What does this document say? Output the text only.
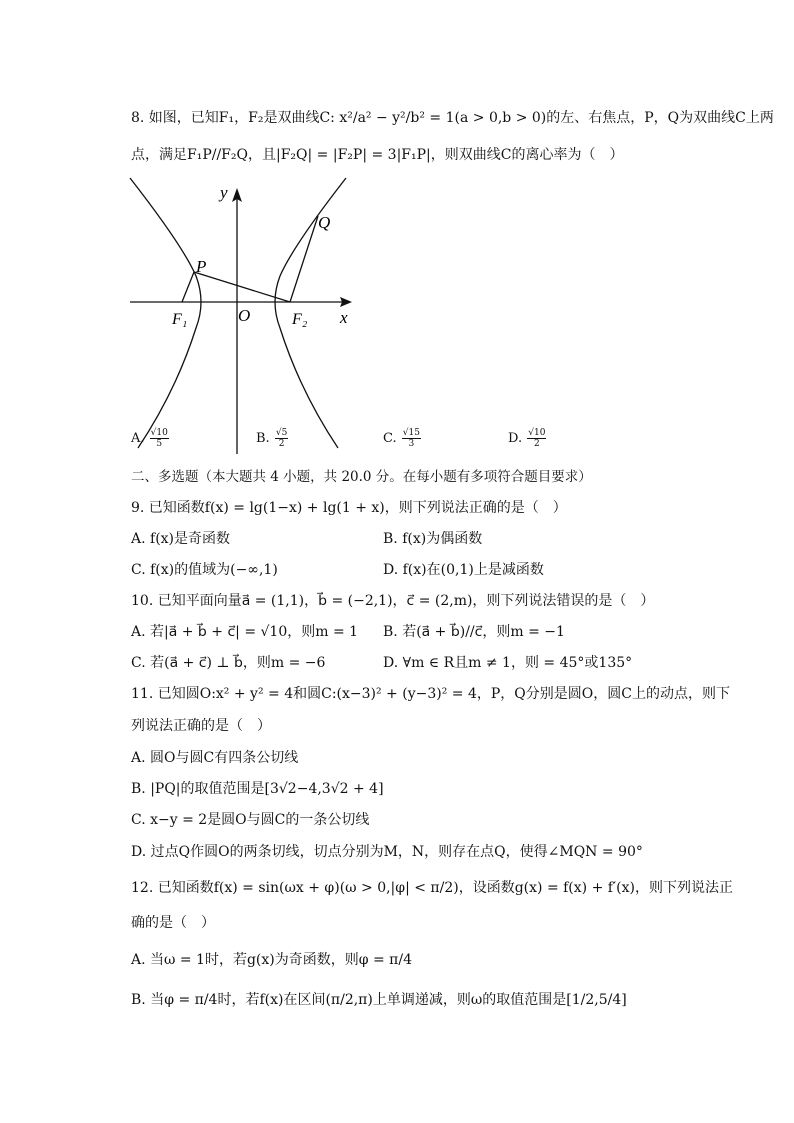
8. 如图，已知F₁，F₂是双曲线C: x²/a² − y²/b² = 1(a > 0,b > 0)的左、右焦点，P，Q为双曲线C上两
点，满足F₁P//F₂Q，且|F₂Q| = |F₂P| = 3|F₁P|，则双曲线C的离心率为（　）
y
x
O
P
Q
F₁	F₂
A. √ $\frac{10}{5}$	B. √ $\frac{5}{2}$	C. √ $\frac{15}{3}$	D. √ $\frac{10}{2}$
二、多选题（本大题共 4 小题，共 20.0 分。在每小题有多项符合题目要求）
9. 已知函数f(x) = lg(1−x) + lg(1 + x)，则下列说法正确的是（　）
A. f(x)是奇函数	B. f(x)为偶函数
C. f(x)的值域为(−∞,1)	D. f(x)在(0,1)上是减函数
10. 已知平面向量a⃗ = (1,1)，b⃗ = (−2,1)，c⃗ = (2,m)，则下列说法错误的是（　）
A. 若|a⃗ + b⃗ + c⃗| = √10，则m = 1 B. 若(a⃗ + b⃗)//c⃗，则m = −1
C. 若(a⃗ + c⃗) ⊥ b⃗，则m = −6	D. ∀m ∈ R且m ≠ 1，则 = 45°或135°
11. 已知圆O:x² + y² = 4和圆C:(x−3)² + (y−3)² = 4，P，Q分别是圆O，圆C上的动点，则下
列说法正确的是（　）
A. 圆O与圆C有四条公切线
B. |PQ|的取值范围是[3√2−4,3√2 + 4]
C. x−y = 2是圆O与圆C的一条公切线
D. 过点Q作圆O的两条切线，切点分别为M，N，则存在点Q，使得∠MQN = 90°
12. 已知函数f(x) = sin(ωx + φ)(ω > 0,|φ| < π/2)，设函数g(x) = f(x) + f′(x)，则下列说法正
确的是（　）
A. 当ω = 1时，若g(x)为奇函数，则φ = π/4
B. 当φ = π/4时，若f(x)在区间(π/2,π)上单调递减，则ω的取值范围是[1/2,5/4]
